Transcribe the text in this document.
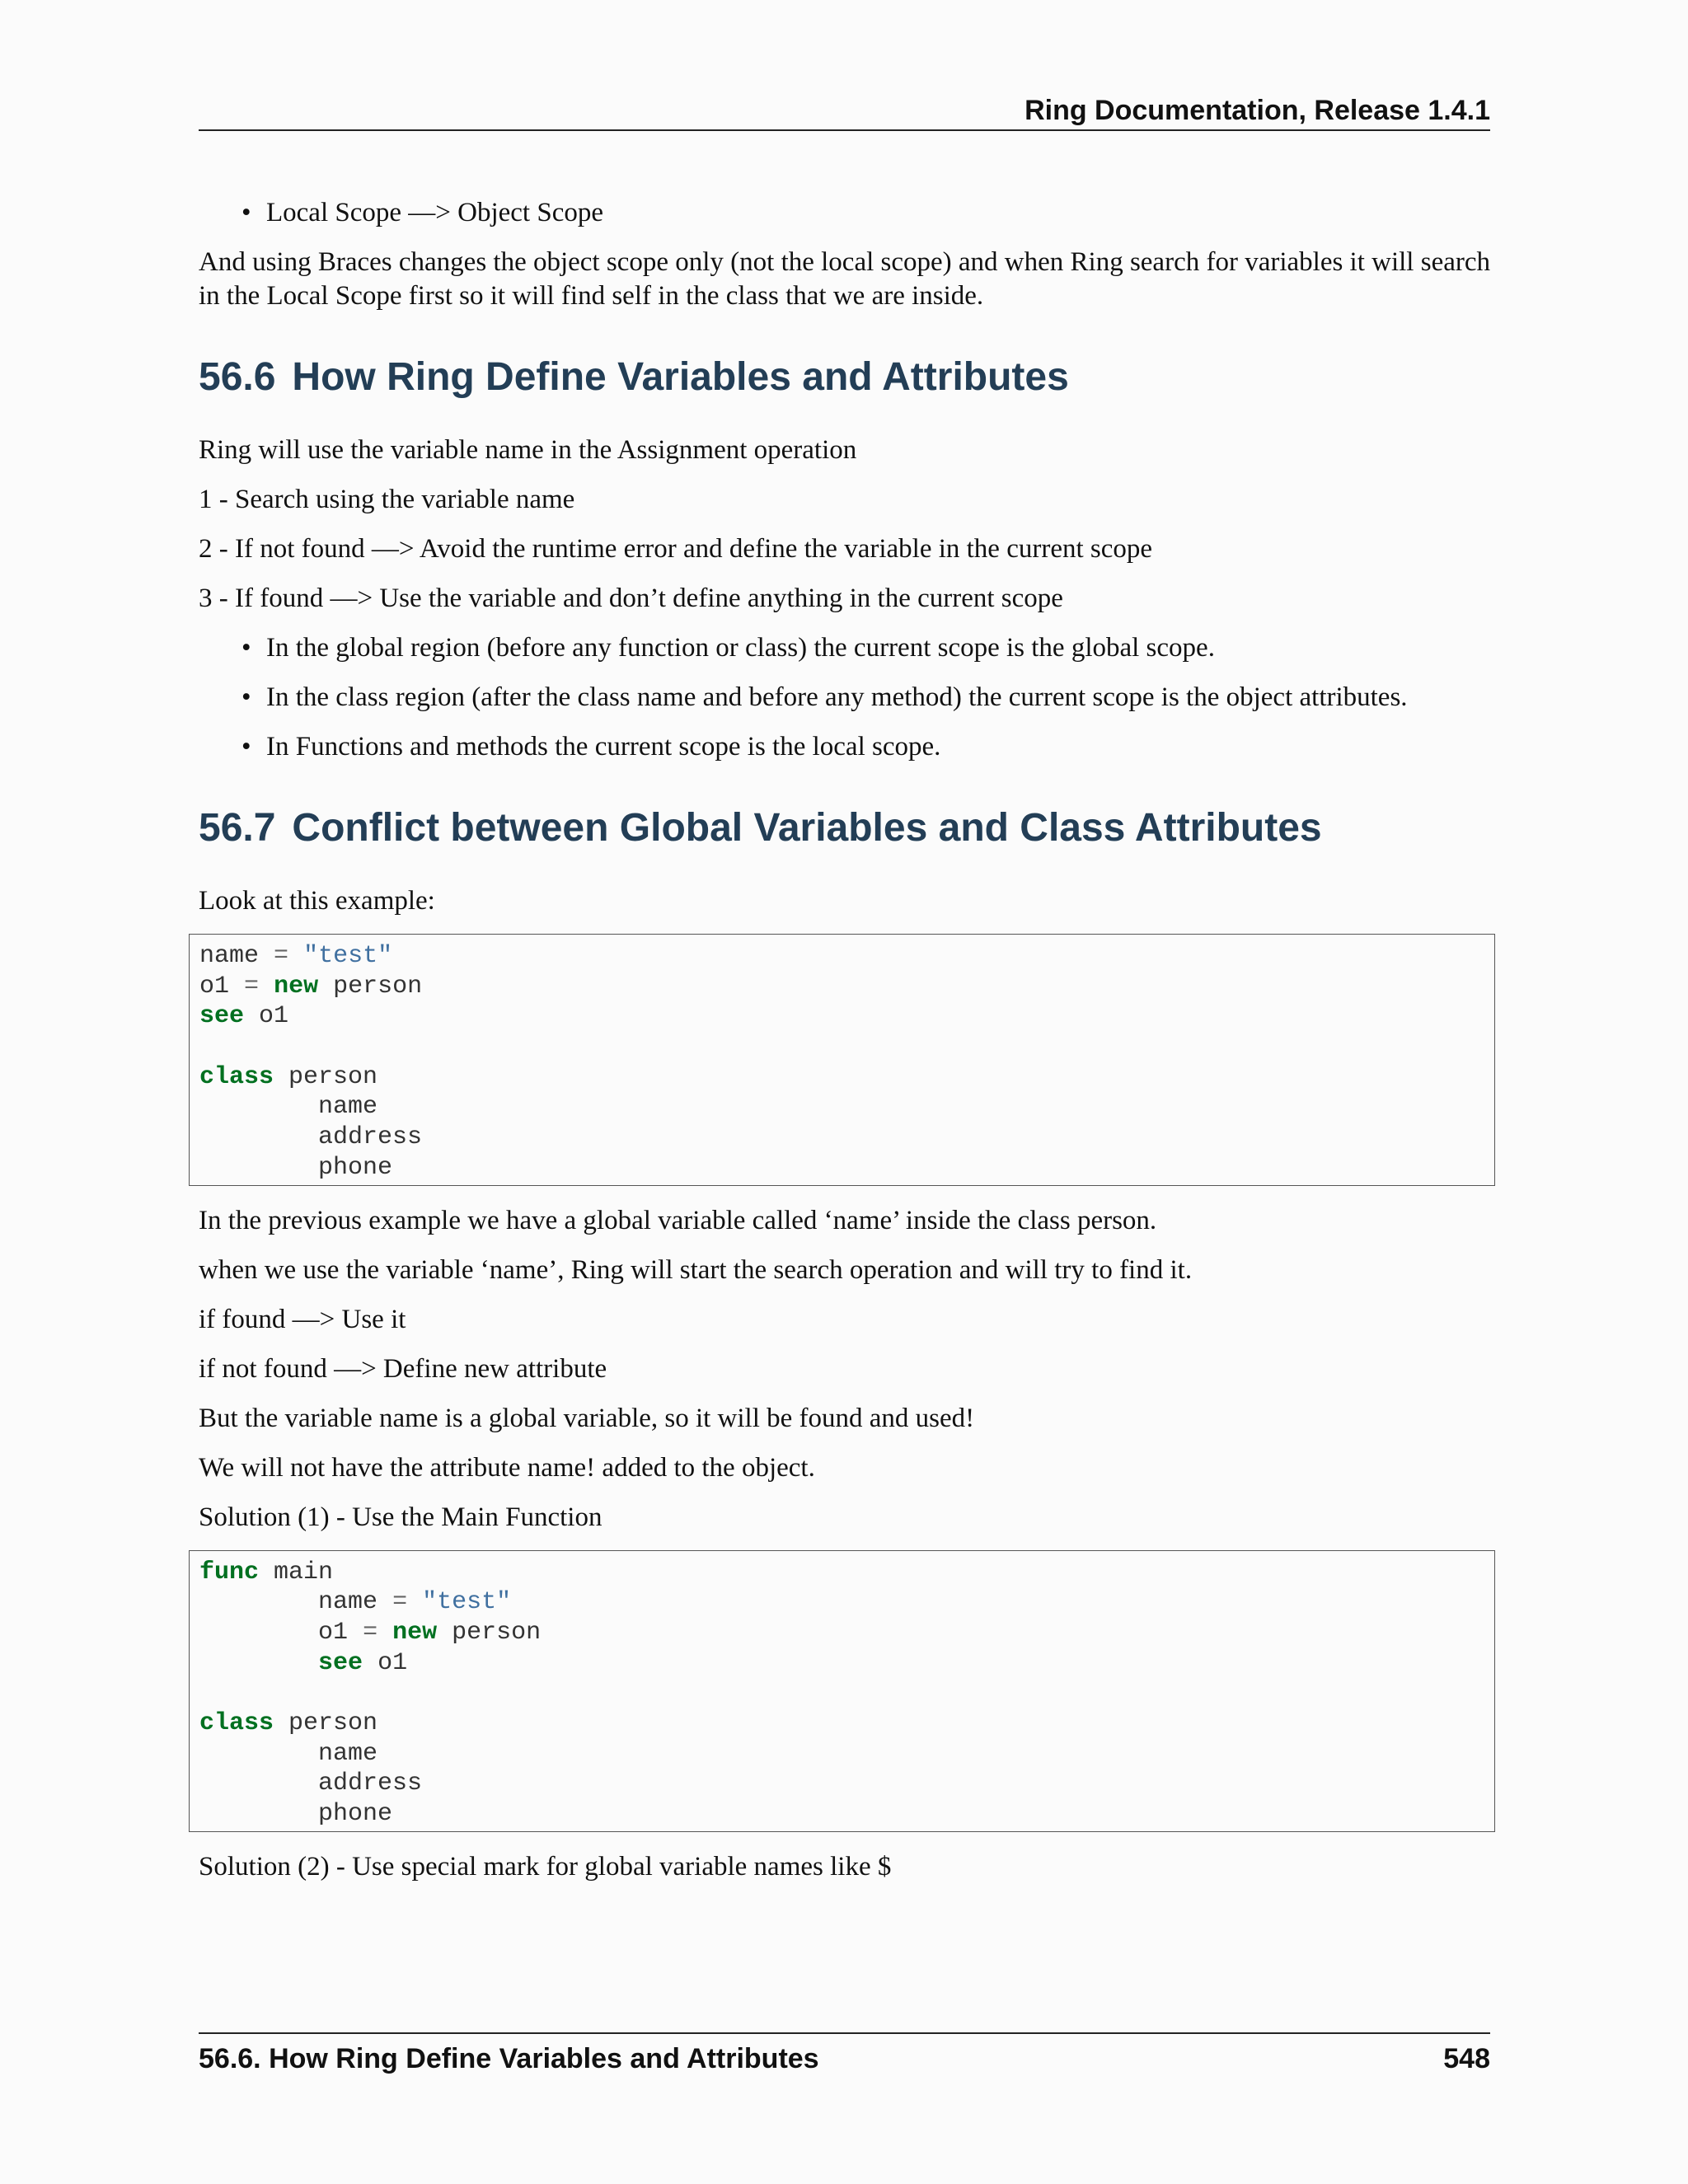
Ring Documentation, Release 1.4.1
• Local Scope —> Object Scope

And using Braces changes the object scope only (not the local scope) and when Ring search for variables it will search in the Local Scope first so it will find self in the class that we are inside.

56.6 How Ring Define Variables and Attributes

Ring will use the variable name in the Assignment operation

1 - Search using the variable name

2 - If not found —> Avoid the runtime error and define the variable in the current scope

3 - If found —> Use the variable and don’t define anything in the current scope

• In the global region (before any function or class) the current scope is the global scope.
• In the class region (after the class name and before any method) the current scope is the object attributes.
• In Functions and methods the current scope is the local scope.
56.7 Conflict between Global Variables and Class Attributes

Look at this example:

name = "test"
o1 = new person
see o1
class person
name
address
phone

In the previous example we have a global variable called ‘name’ inside the class person.

when we use the variable ‘name’, Ring will start the search operation and will try to find it.

if found —> Use it

if not found —> Define new attribute

But the variable name is a global variable, so it will be found and used!

We will not have the attribute name! added to the object.

Solution (1) - Use the Main Function

func main
name = "test"
o1 = new person
see o1
class person
name
address
phone

Solution (2) - Use special mark for global variable names like $

56.6. How Ring Define Variables and Attributes	548
